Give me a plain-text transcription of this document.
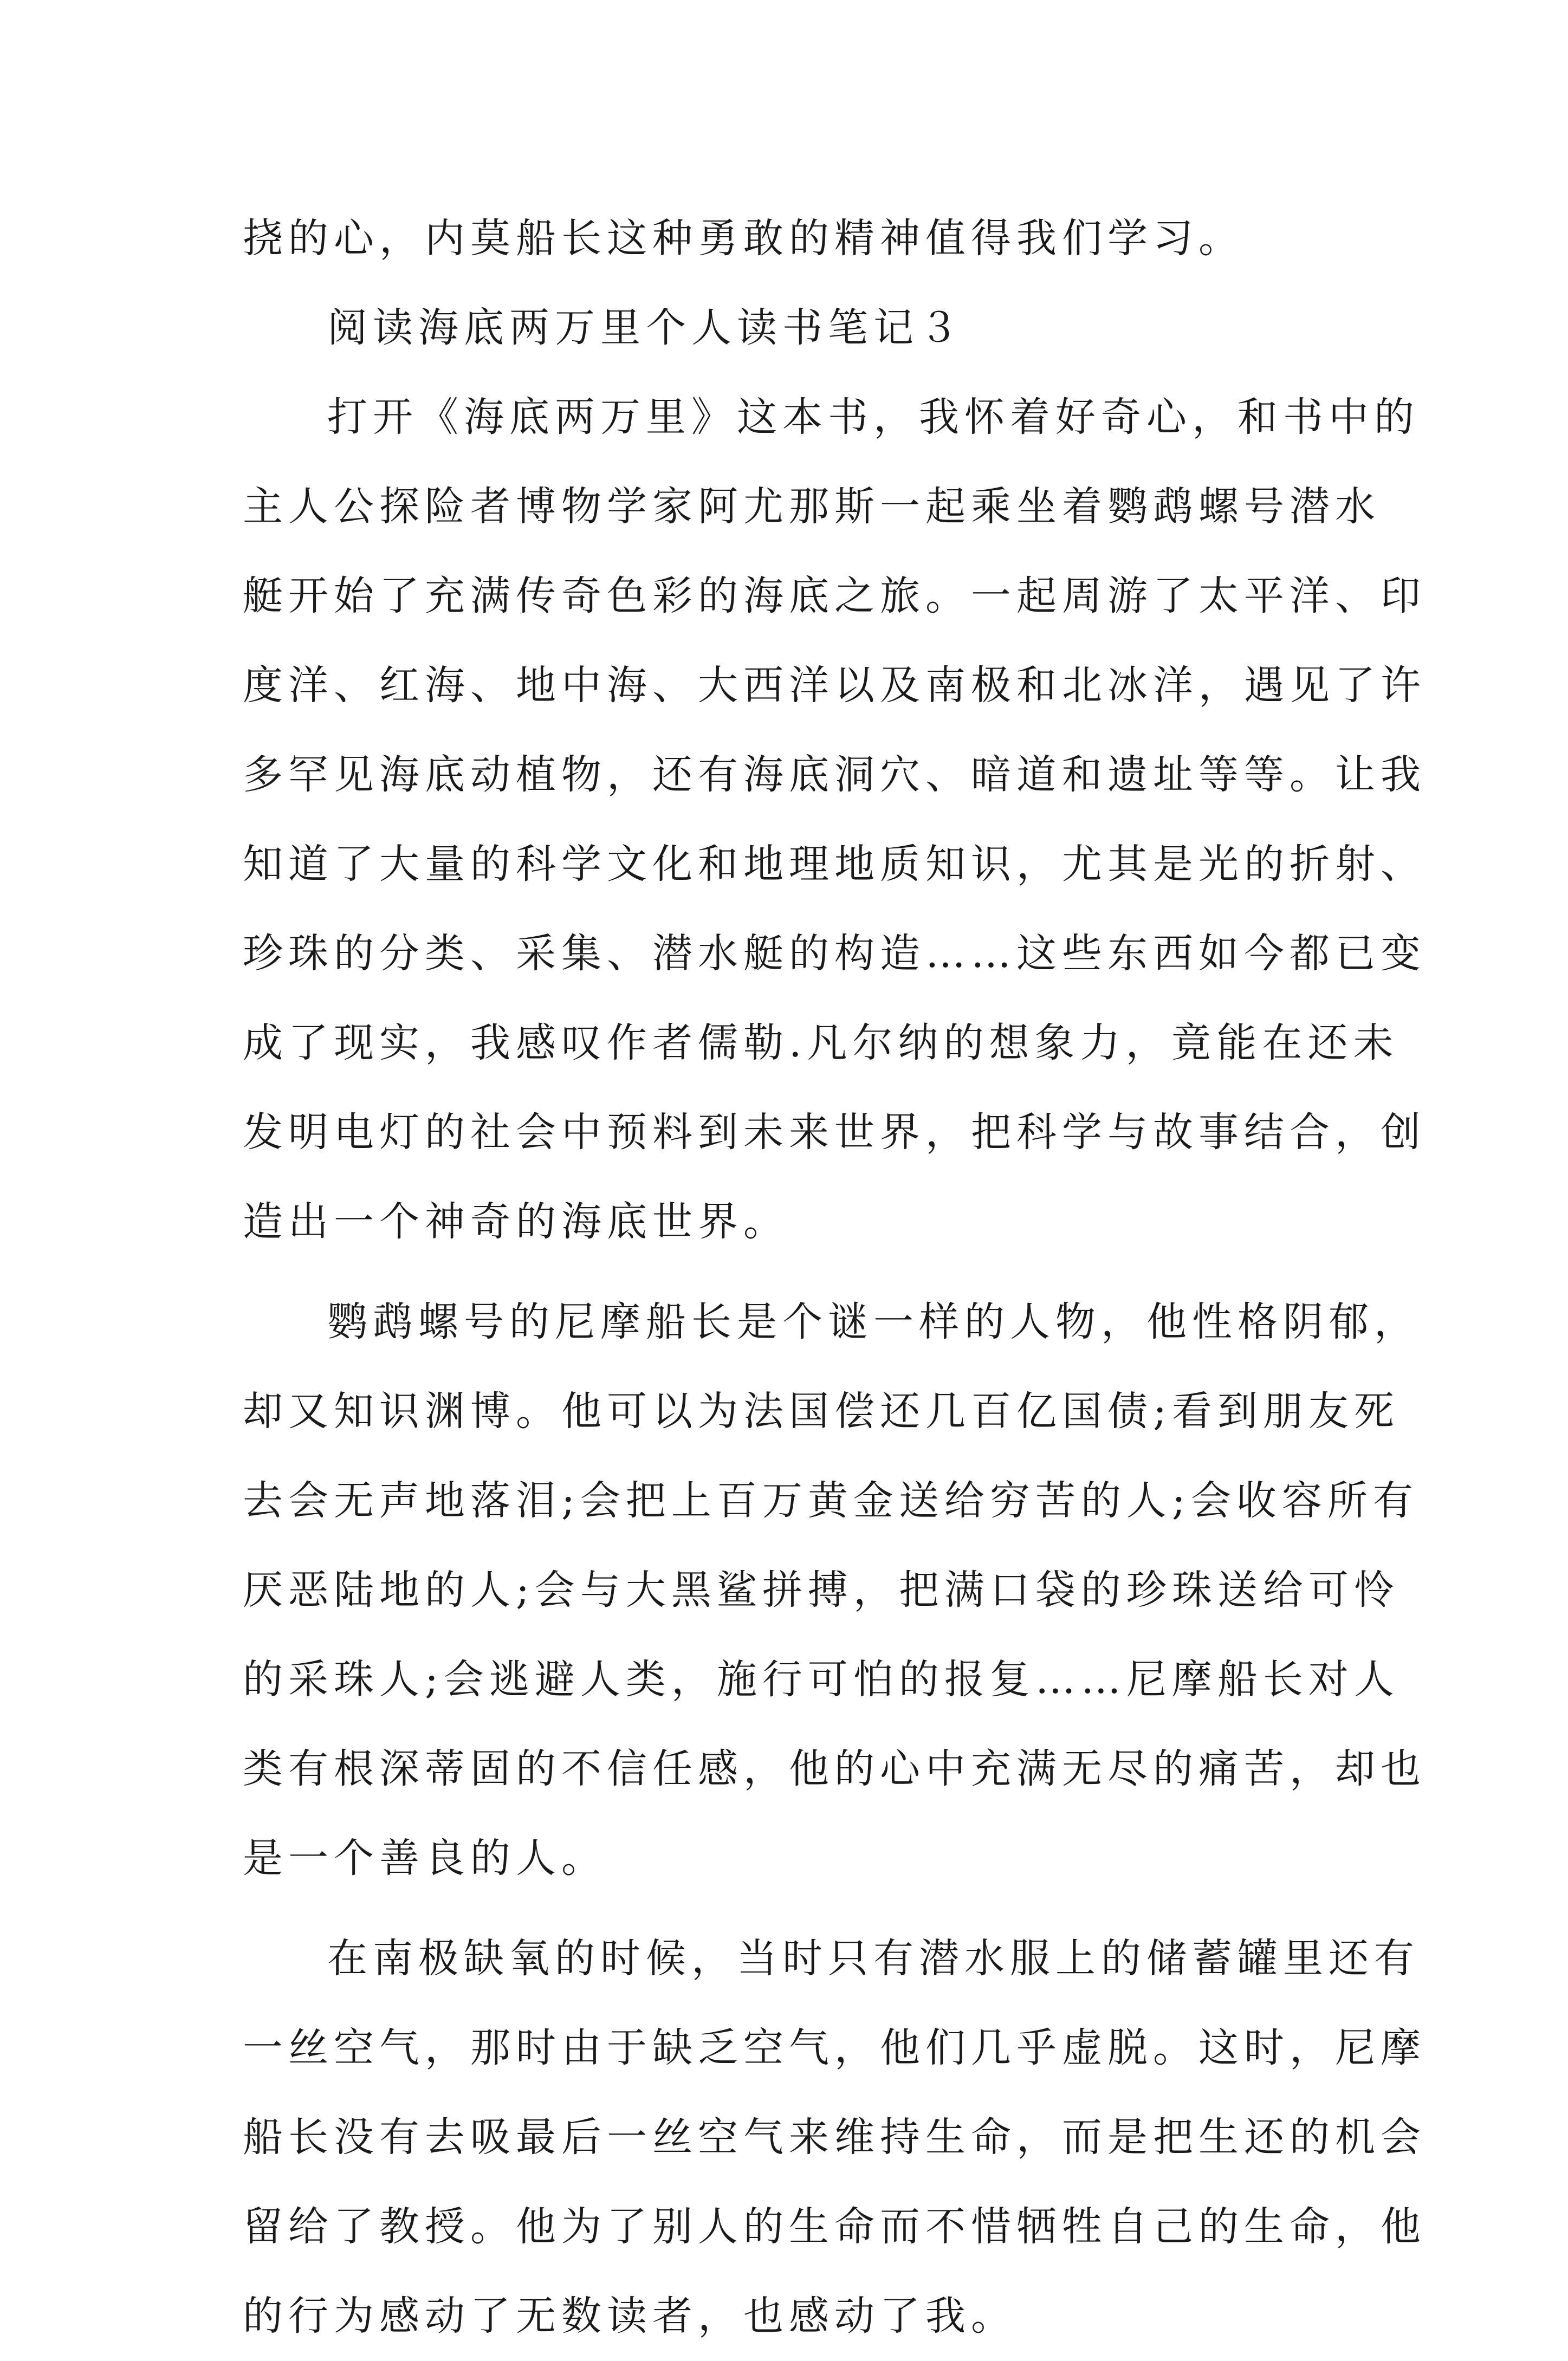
挠的心，内莫船长这种勇敢的精神值得我们学习。
阅读海底两万里个人读书笔记３
打开《海底两万里》这本书，我怀着好奇心，和书中的
主人公探险者博物学家阿尤那斯一起乘坐着鹦鹉螺号潜水
艇开始了充满传奇色彩的海底之旅。一起周游了太平洋、印
度洋、红海、地中海、大西洋以及南极和北冰洋，遇见了许
多罕见海底动植物，还有海底洞穴、暗道和遗址等等。让我
知道了大量的科学文化和地理地质知识，尤其是光的折射、
珍珠的分类、采集、潜水艇的构造……这些东西如今都已变
成了现实，我感叹作者儒勒.凡尔纳的想象力，竟能在还未
发明电灯的社会中预料到未来世界，把科学与故事结合，创
造出一个神奇的海底世界。
鹦鹉螺号的尼摩船长是个谜一样的人物，他性格阴郁，
却又知识渊博。他可以为法国偿还几百亿国债;看到朋友死
去会无声地落泪;会把上百万黄金送给穷苦的人;会收容所有
厌恶陆地的人;会与大黑鲨拼搏，把满口袋的珍珠送给可怜
的采珠人;会逃避人类，施行可怕的报复……尼摩船长对人
类有根深蒂固的不信任感，他的心中充满无尽的痛苦，却也
是一个善良的人。
在南极缺氧的时候，当时只有潜水服上的储蓄罐里还有
一丝空气，那时由于缺乏空气，他们几乎虚脱。这时，尼摩
船长没有去吸最后一丝空气来维持生命，而是把生还的机会
留给了教授。他为了别人的生命而不惜牺牲自己的生命，他
的行为感动了无数读者，也感动了我。
